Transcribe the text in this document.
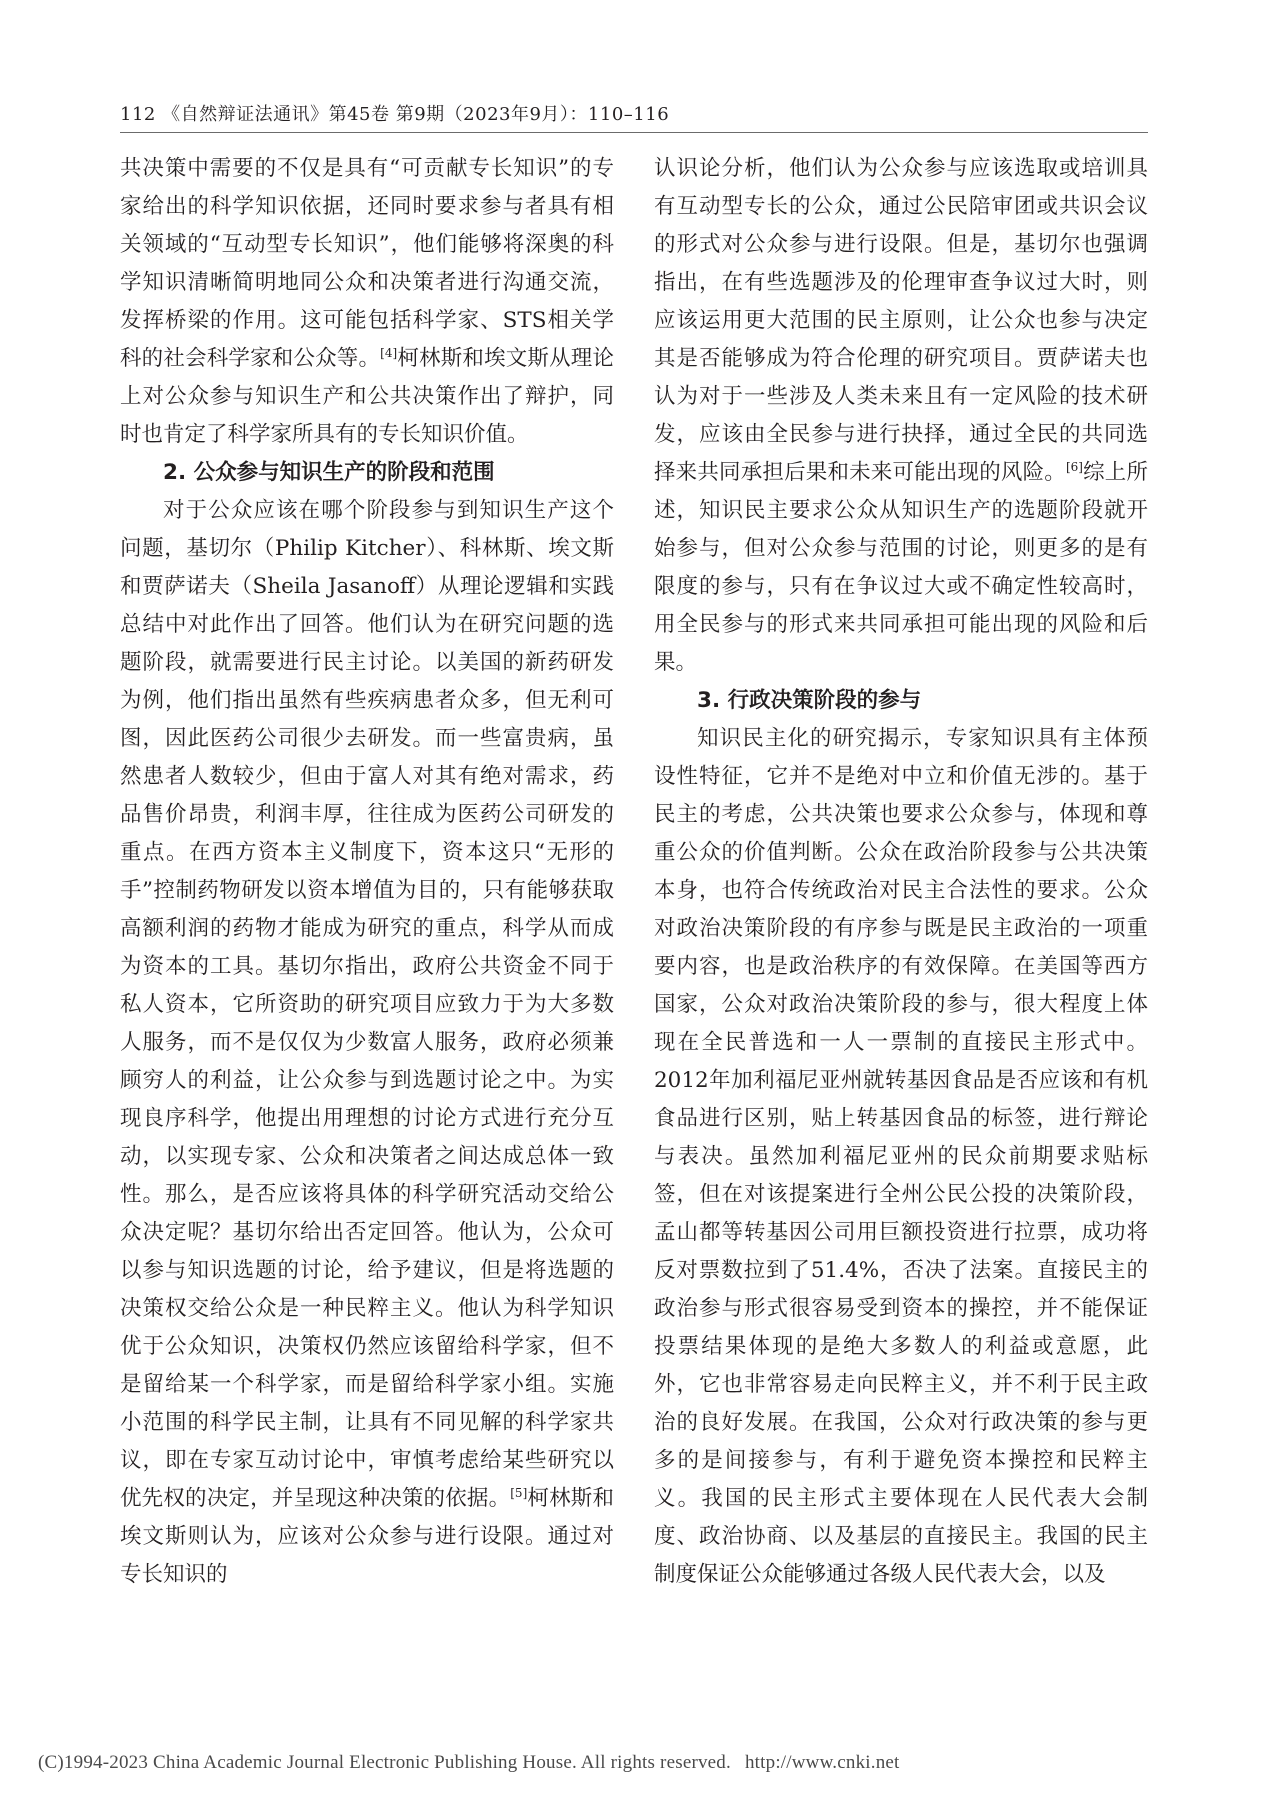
112 《自然辩证法通讯》第45卷 第9期（2023年9月）：110–116

共决策中需要的不仅是具有“可贡献专长知识”的专家给出的科学知识依据，还同时要求参与者具有相关领域的“互动型专长知识”，他们能够将深奥的科学知识清晰简明地同公众和决策者进行沟通交流，发挥桥梁的作用。这可能包括科学家、STS相关学科的社会科学家和公众等。[4]柯林斯和埃文斯从理论上对公众参与知识生产和公共决策作出了辩护，同时也肯定了科学家所具有的专长知识价值。

2. 公众参与知识生产的阶段和范围

对于公众应该在哪个阶段参与到知识生产这个问题，基切尔（Philip Kitcher）、科林斯、埃文斯和贾萨诺夫（Sheila Jasanoff）从理论逻辑和实践总结中对此作出了回答。他们认为在研究问题的选题阶段，就需要进行民主讨论。以美国的新药研发为例，他们指出虽然有些疾病患者众多，但无利可图，因此医药公司很少去研发。而一些富贵病，虽然患者人数较少，但由于富人对其有绝对需求，药品售价昂贵，利润丰厚，往往成为医药公司研发的重点。在西方资本主义制度下，资本这只“无形的手”控制药物研发以资本增值为目的，只有能够获取高额利润的药物才能成为研究的重点，科学从而成为资本的工具。基切尔指出，政府公共资金不同于私人资本，它所资助的研究项目应致力于为大多数人服务，而不是仅仅为少数富人服务，政府必须兼顾穷人的利益，让公众参与到选题讨论之中。为实现良序科学，他提出用理想的讨论方式进行充分互动，以实现专家、公众和决策者之间达成总体一致性。那么，是否应该将具体的科学研究活动交给公众决定呢？基切尔给出否定回答。他认为，公众可以参与知识选题的讨论，给予建议，但是将选题的决策权交给公众是一种民粹主义。他认为科学知识优于公众知识，决策权仍然应该留给科学家，但不是留给某一个科学家，而是留给科学家小组。实施小范围的科学民主制，让具有不同见解的科学家共议，即在专家互动讨论中，审慎考虑给某些研究以优先权的决定，并呈现这种决策的依据。[5]柯林斯和埃文斯则认为，应该对公众参与进行设限。通过对专长知识的

认识论分析，他们认为公众参与应该选取或培训具有互动型专长的公众，通过公民陪审团或共识会议的形式对公众参与进行设限。但是，基切尔也强调指出，在有些选题涉及的伦理审查争议过大时，则应该运用更大范围的民主原则，让公众也参与决定其是否能够成为符合伦理的研究项目。贾萨诺夫也认为对于一些涉及人类未来且有一定风险的技术研发，应该由全民参与进行抉择，通过全民的共同选择来共同承担后果和未来可能出现的风险。[6]综上所述，知识民主要求公众从知识生产的选题阶段就开始参与，但对公众参与范围的讨论，则更多的是有限度的参与，只有在争议过大或不确定性较高时，用全民参与的形式来共同承担可能出现的风险和后果。

3. 行政决策阶段的参与

知识民主化的研究揭示，专家知识具有主体预设性特征，它并不是绝对中立和价值无涉的。基于民主的考虑，公共决策也要求公众参与，体现和尊重公众的价值判断。公众在政治阶段参与公共决策本身，也符合传统政治对民主合法性的要求。公众对政治决策阶段的有序参与既是民主政治的一项重要内容，也是政治秩序的有效保障。在美国等西方国家，公众对政治决策阶段的参与，很大程度上体现在全民普选和一人一票制的直接民主形式中。2012年加利福尼亚州就转基因食品是否应该和有机食品进行区别，贴上转基因食品的标签，进行辩论与表决。虽然加利福尼亚州的民众前期要求贴标签，但在对该提案进行全州公民公投的决策阶段，孟山都等转基因公司用巨额投资进行拉票，成功将反对票数拉到了51.4%，否决了法案。直接民主的政治参与形式很容易受到资本的操控，并不能保证投票结果体现的是绝大多数人的利益或意愿，此外，它也非常容易走向民粹主义，并不利于民主政治的良好发展。在我国，公众对行政决策的参与更多的是间接参与，有利于避免资本操控和民粹主义。我国的民主形式主要体现在人民代表大会制度、政治协商、以及基层的直接民主。我国的民主制度保证公众能够通过各级人民代表大会，以及

(C)1994-2023 China Academic Journal Electronic Publishing House. All rights reserved. http://www.cnki.net
